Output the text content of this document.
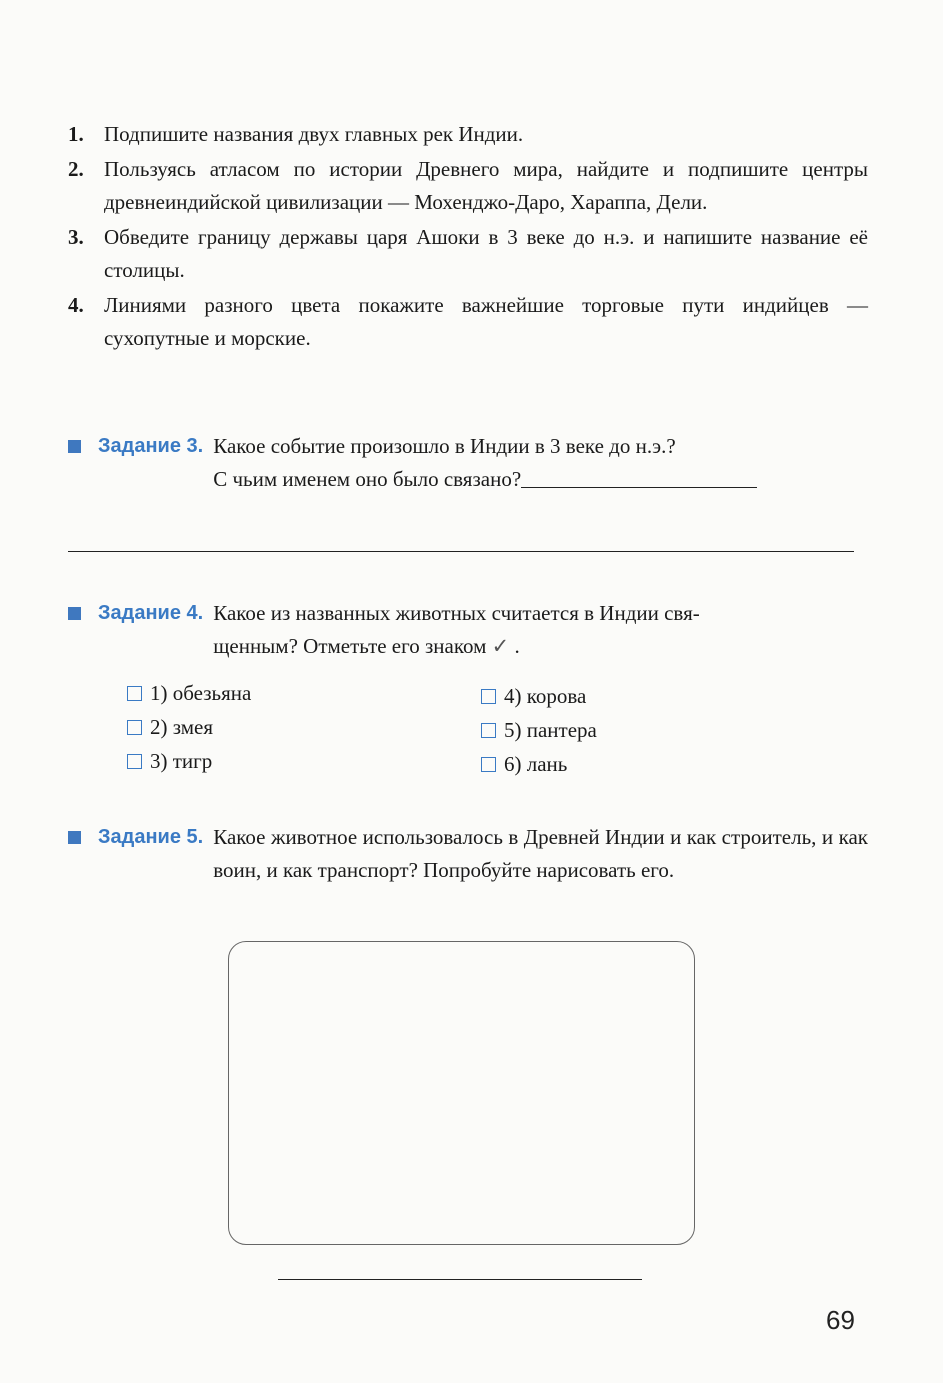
1. Подпишите названия двух главных рек Индии.
2. Пользуясь атласом по истории Древнего мира, найдите и подпишите центры древнеиндийской цивилизации — Мохенджо-Даро, Хараппа, Дели.
3. Обведите границу державы царя Ашоки в 3 веке до н.э. и напишите название её столицы.
4. Линиями разного цвета покажите важнейшие торговые пути индийцев — сухопутные и морские.
Задание 3. Какое событие произошло в Индии в 3 веке до н.э.?
С чьим именем оно было связано?
Задание 4. Какое из названных животных считается в Индии свя-
щенным? Отметьте его знаком ✓ .
1) обезьяна
2) змея
3) тигр
4) корова
5) пантера
6) лань
Задание 5. Какое животное использовалось в Древней Индии и как строитель, и как воин, и как транспорт? Попробуйте нарисовать его.
69
